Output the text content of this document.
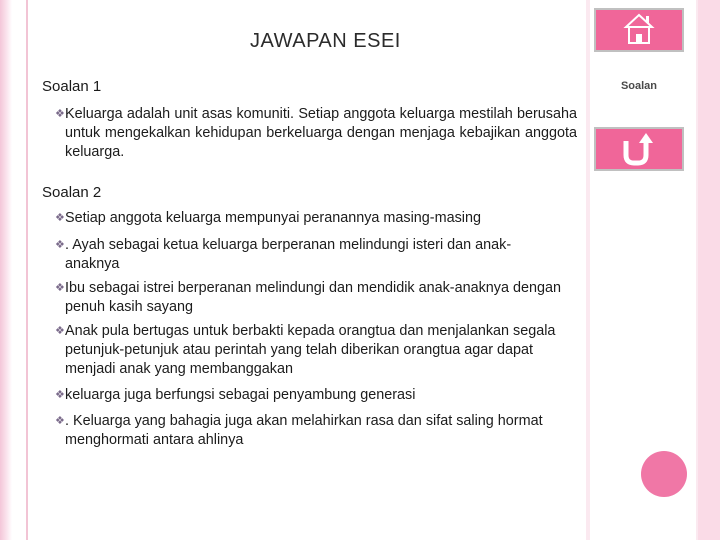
JAWAPAN ESEI
Soalan 1
❖ Keluarga adalah unit asas komuniti. Setiap anggota keluarga mestilah berusaha untuk mengekalkan kehidupan berkeluarga dengan menjaga kebajikan anggota keluarga.
Soalan 2
❖ Setiap anggota keluarga mempunyai peranannya masing-masing
❖ . Ayah sebagai ketua keluarga berperanan melindungi isteri dan anak-anaknya
❖ Ibu sebagai istrei berperanan melindungi dan mendidik anak-anaknya dengan penuh kasih sayang
❖ Anak pula bertugas untuk berbakti kepada orangtua dan menjalankan segala petunjuk-petunjuk atau perintah yang telah diberikan orangtua agar dapat menjadi anak yang membanggakan
❖ keluarga juga berfungsi sebagai penyambung generasi
❖ . Keluarga yang bahagia juga akan melahirkan rasa dan sifat saling hormat menghormati antara ahlinya
Soalan
